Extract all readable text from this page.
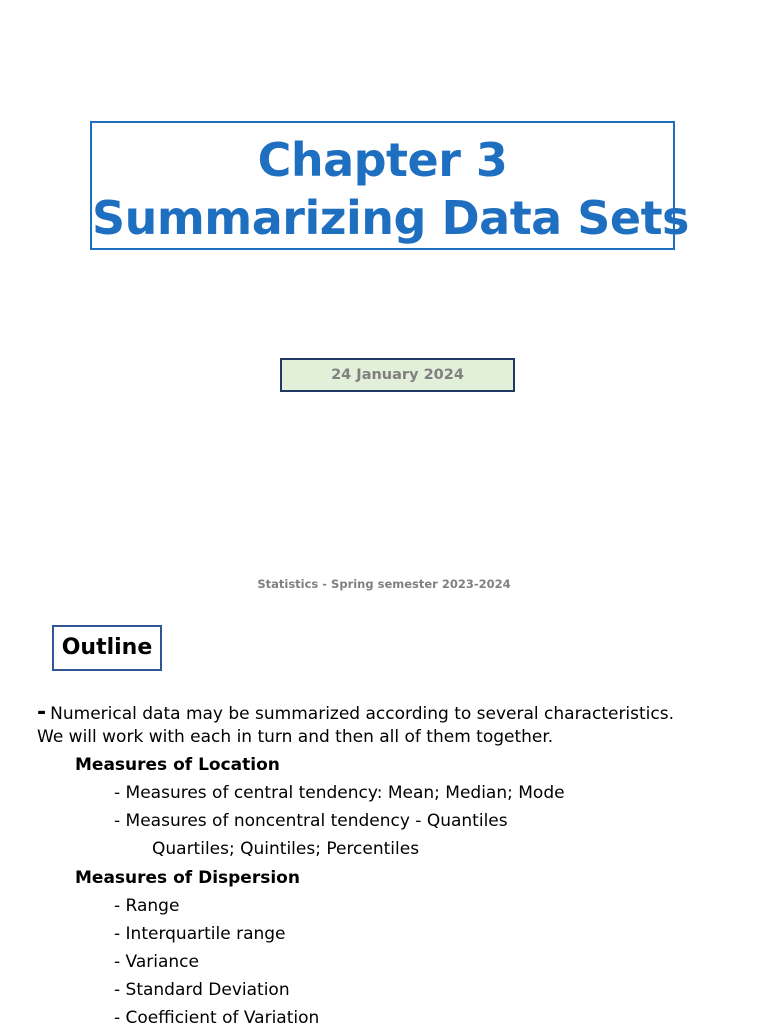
Chapter 3
Summarizing Data Sets
24 January 2024
Statistics - Spring semester 2023-2024
Outline
- Numerical data may be summarized according to several characteristics.
We will work with each in turn and then all of them together.
Measures of Location
- Measures of central tendency: Mean; Median; Mode
- Measures of noncentral tendency - Quantiles
Quartiles; Quintiles; Percentiles
Measures of Dispersion
- Range
- Interquartile range
- Variance
- Standard Deviation
- Coefficient of Variation
